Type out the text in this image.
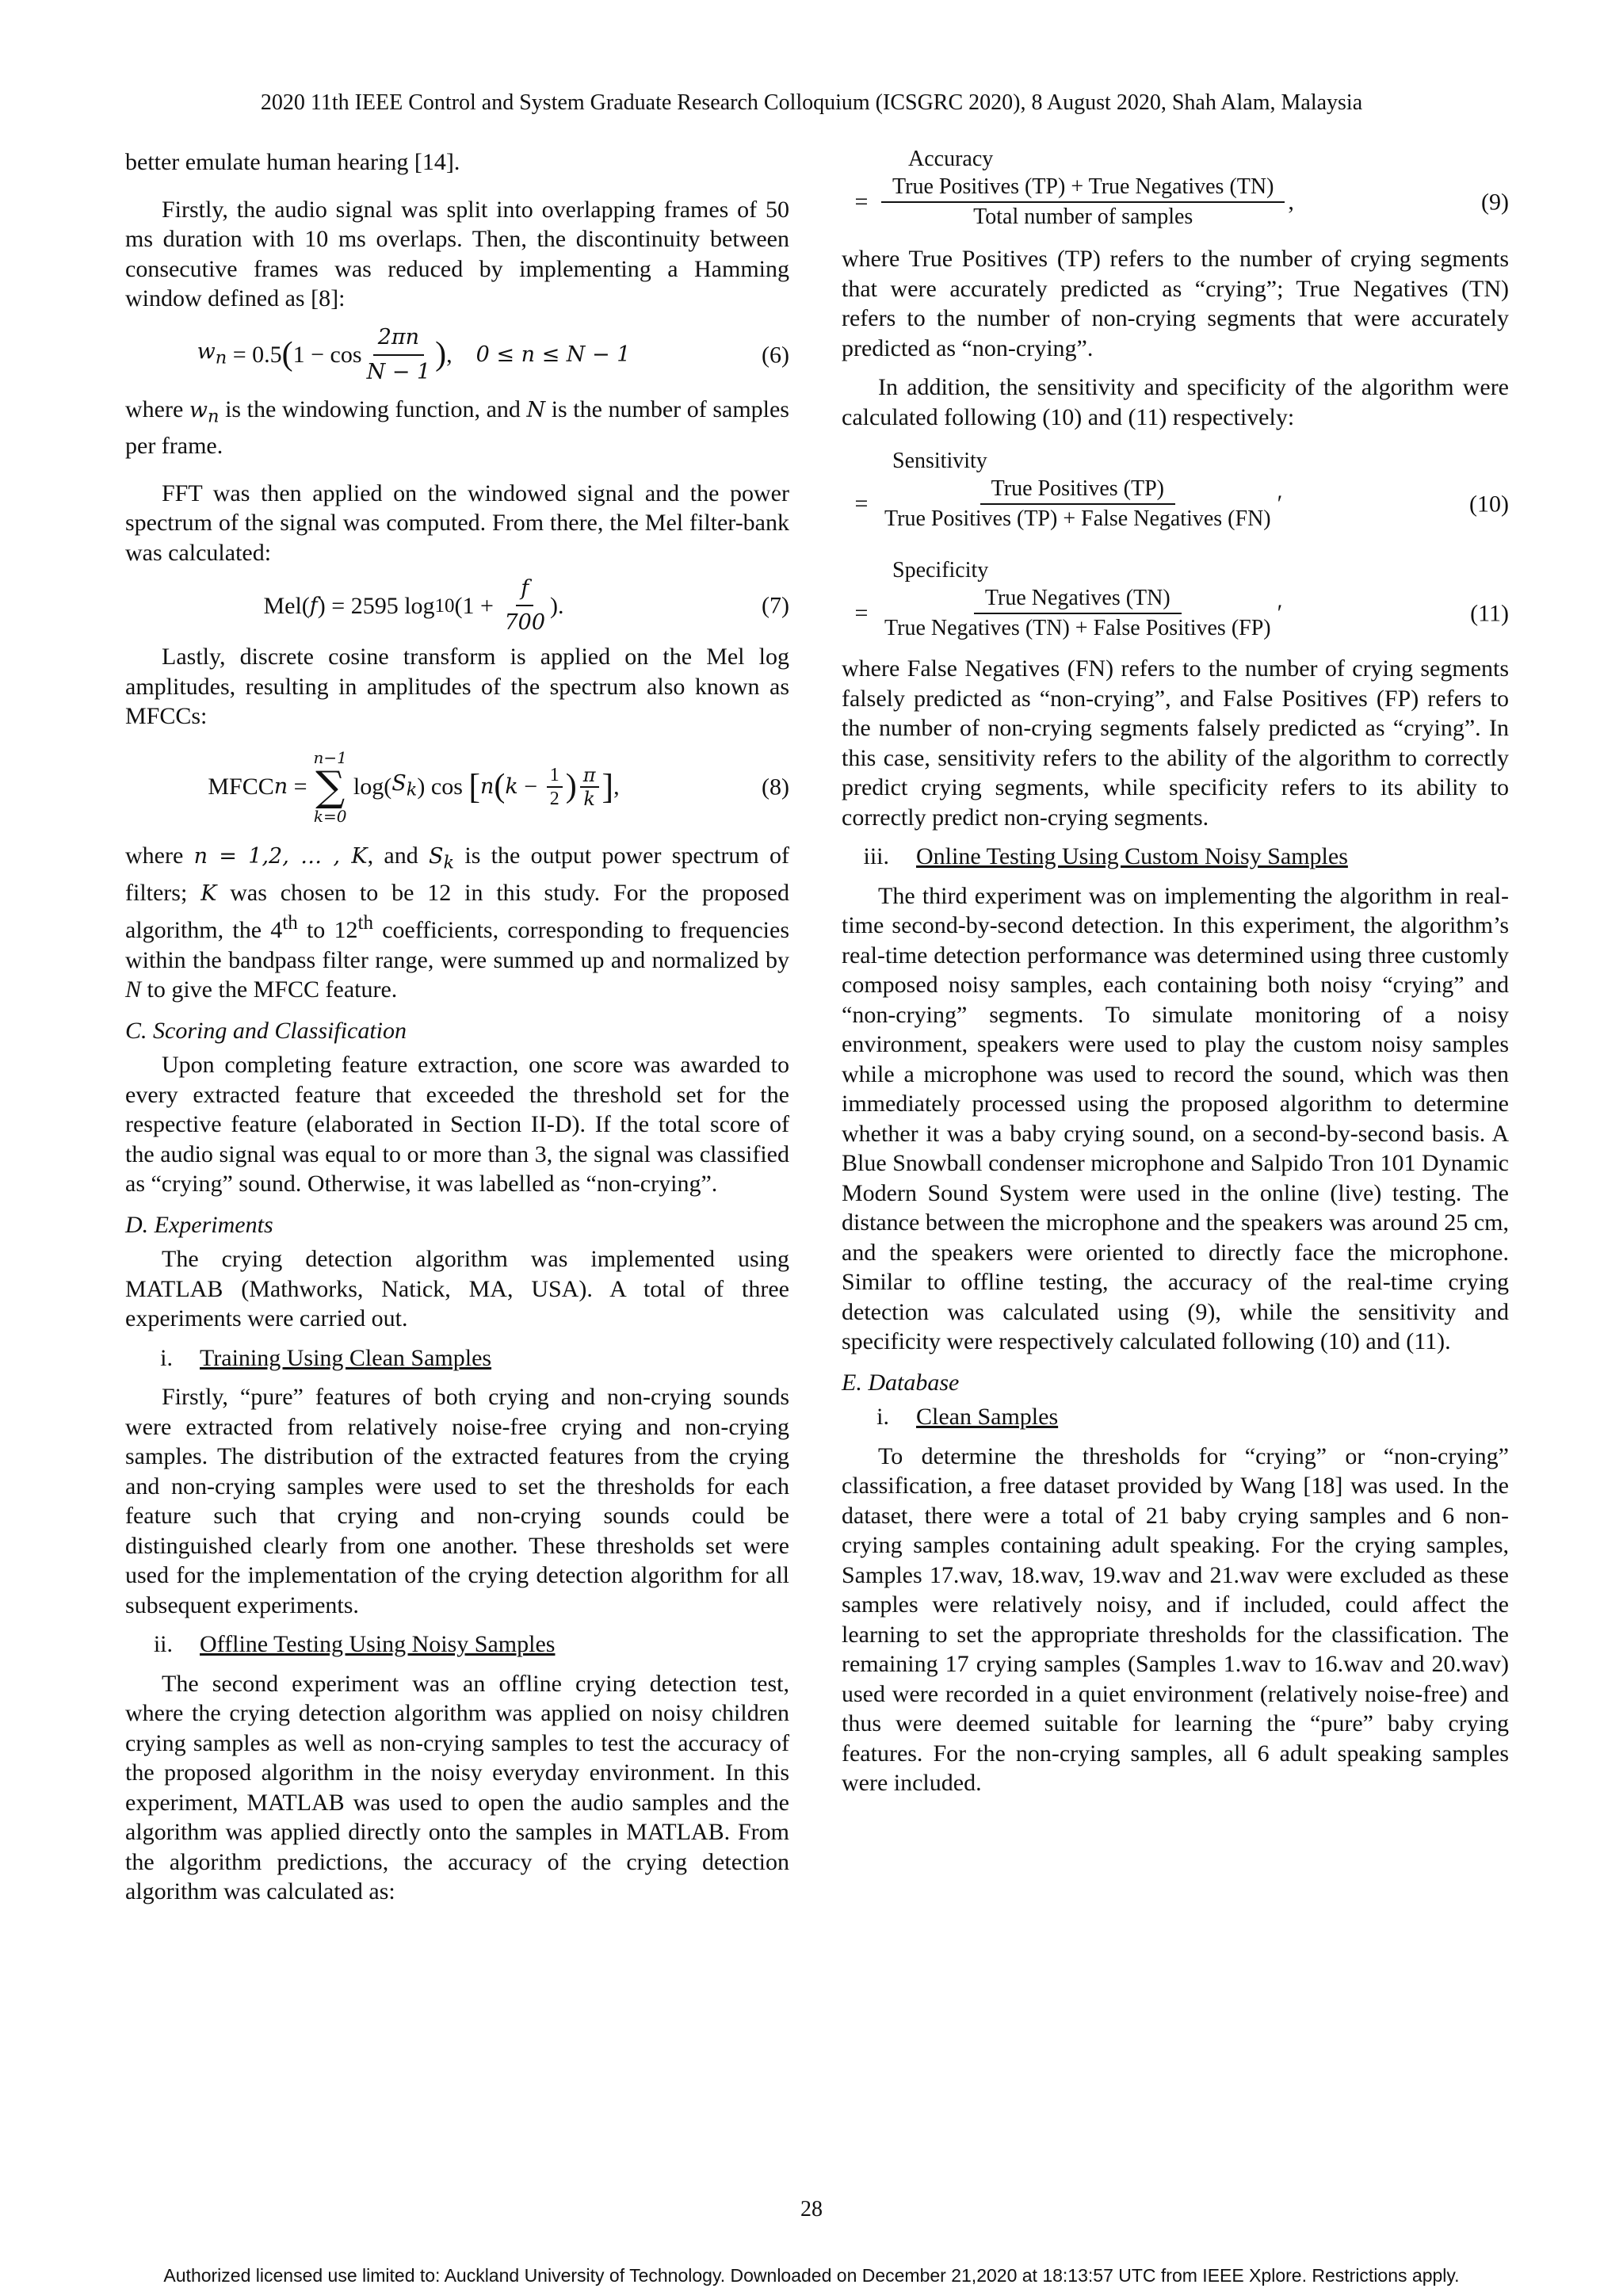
2020 11th IEEE Control and System Graduate Research Colloquium (ICSGRC 2020), 8 August 2020, Shah Alam, Malaysia

better emulate human hearing [14].

Firstly, the audio signal was split into overlapping frames of 50 ms duration with 10 ms overlaps. Then, the discontinuity between consecutive frames was reduced by implementing a Hamming window defined as [8]:

$w_n = 0.5$ ( $1 - \cos \frac{2\pi n}{N - 1}$ ) , 0 ≤ n ≤ N − 1	(6)

where $w_n$ is the windowing function, and N is the number of samples per frame.

FFT was then applied on the windowed signal and the power spectrum of the signal was computed. From there, the Mel filter-bank was calculated:

Mel( f ) = 2595 log 10 ($1 + \frac{f}{700}$ ).	(7)

Lastly, discrete cosine transform is applied on the Mel log amplitudes, resulting in amplitudes of the spectrum also known as MFCCs:

MFCC n =
n−1
∑
k=0
log( $S_k$ ) cos [ n ( k − 1
2 ) π
k ] ,	(8)

where n = 1,2, … , K, and $S_k$ is the output power spectrum of filters; K was chosen to be 12 in this study. For the proposed algorithm, the 4th to 12th coefficients, corresponding to frequencies within the bandpass filter range, were summed up and normalized by N to give the MFCC feature.

C. Scoring and Classification

Upon completing feature extraction, one score was awarded to every extracted feature that exceeded the threshold set for the respective feature (elaborated in Section II-D). If the total score of the audio signal was equal to or more than 3, the signal was classified as “crying” sound. Otherwise, it was labelled as “non-crying”.

D. Experiments

The crying detection algorithm was implemented using MATLAB (Mathworks, Natick, MA, USA). A total of three experiments were carried out.

i. Training Using Clean Samples

Firstly, “pure” features of both crying and non-crying sounds were extracted from relatively noise-free crying and non-crying samples. The distribution of the extracted features from the crying and non-crying samples were used to set the thresholds for each feature such that crying and non-crying sounds could be distinguished clearly from one another. These thresholds set were used for the implementation of the crying detection algorithm for all subsequent experiments.

ii. Offline Testing Using Noisy Samples

The second experiment was an offline crying detection test, where the crying detection algorithm was applied on noisy children crying samples as well as non-crying samples to test the accuracy of the proposed algorithm in the noisy everyday environment. In this experiment, MATLAB was used to open the audio samples and the algorithm was applied directly onto the samples in MATLAB. From the algorithm predictions, the accuracy of the crying detection algorithm was calculated as:

Accuracy
=
True Positives (TP) + True Negatives (TN)
Total number of samples
,	(9)

where True Positives (TP) refers to the number of crying segments that were accurately predicted as “crying”; True Negatives (TN) refers to the number of non-crying segments that were accurately predicted as “non-crying”.

In addition, the sensitivity and specificity of the algorithm were calculated following (10) and (11) respectively:

Sensitivity
=
True Positives (TP)
True Positives (TP) + False Negatives (FN)
′	(10)
Specificity
=
True Negatives (TN)
True Negatives (TN) + False Positives (FP)
′	(11)

where False Negatives (FN) refers to the number of crying segments falsely predicted as “non-crying”, and False Positives (FP) refers to the number of non-crying segments falsely predicted as “crying”. In this case, sensitivity refers to the ability of the algorithm to correctly predict crying segments, while specificity refers to its ability to correctly predict non-crying segments.

iii. Online Testing Using Custom Noisy Samples

The third experiment was on implementing the algorithm in real-time second-by-second detection. In this experiment, the algorithm’s real-time detection performance was determined using three customly composed noisy samples, each containing both noisy “crying” and “non-crying” segments. To simulate monitoring of a noisy environment, speakers were used to play the custom noisy samples while a microphone was used to record the sound, which was then immediately processed using the proposed algorithm to determine whether it was a baby crying sound, on a second-by-second basis. A Blue Snowball condenser microphone and Salpido Tron 101 Dynamic Modern Sound System were used in the online (live) testing. The distance between the microphone and the speakers was around 25 cm, and the speakers were oriented to directly face the microphone. Similar to offline testing, the accuracy of the real-time crying detection was calculated using (9), while the sensitivity and specificity were respectively calculated following (10) and (11).

E. Database
i. Clean Samples

To determine the thresholds for “crying” or “non-crying” classification, a free dataset provided by Wang [18] was used. In the dataset, there were a total of 21 baby crying samples and 6 non-crying samples containing adult speaking. For the crying samples, Samples 17.wav, 18.wav, 19.wav and 21.wav were excluded as these samples were relatively noisy, and if included, could affect the learning to set the appropriate thresholds for the classification. The remaining 17 crying samples (Samples 1.wav to 16.wav and 20.wav) used were recorded in a quiet environment (relatively noise-free) and thus were deemed suitable for learning the “pure” baby crying features. For the non-crying samples, all 6 adult speaking samples were included.

28
Authorized licensed use limited to: Auckland University of Technology. Downloaded on December 21,2020 at 18:13:57 UTC from IEEE Xplore. Restrictions apply.
